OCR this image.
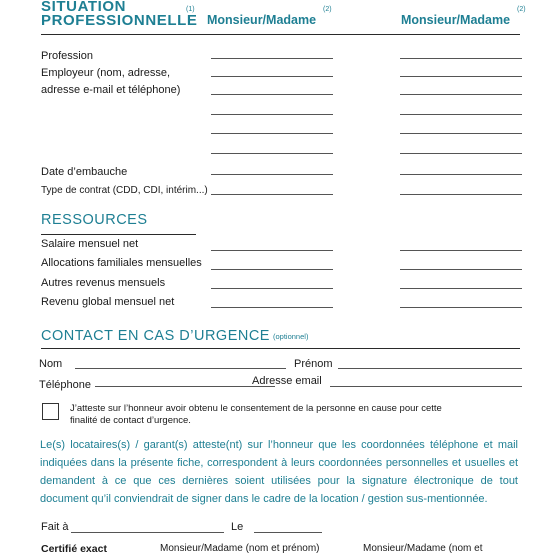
SITUATION
PROFESSIONNELLE
(1)
Monsieur/Madame
(2)
Monsieur/Madame
(2)
Profession
Employeur (nom, adresse,
adresse e-mail et téléphone)
Date d’embauche
Type de contrat (CDD, CDI, intérim...)
RESSOURCES
Salaire mensuel net
Allocations familiales mensuelles
Autres revenus mensuels
Revenu global mensuel net
CONTACT EN CAS D’URGENCE (optionnel)
Nom	Prénom
Téléphone	Adresse email
J’atteste sur l’honneur avoir obtenu le consentement de la personne en cause pour cette
finalité de contact d’urgence.
Le(s) locataires(s) / garant(s) atteste(nt) sur l’honneur que les coordonnées téléphone et mail indiquées dans la présente fiche, correspondent à leurs coordonnées personnelles et usuelles et demandent à ce que ces dernières soient utilisées pour la signature électronique de tout document qu’il conviendrait de signer dans le cadre de la location / gestion sus-mentionnée.
Fait à	Le
Certifié exact	Monsieur/Madame (nom et prénom)	Monsieur/Madame (nom et
